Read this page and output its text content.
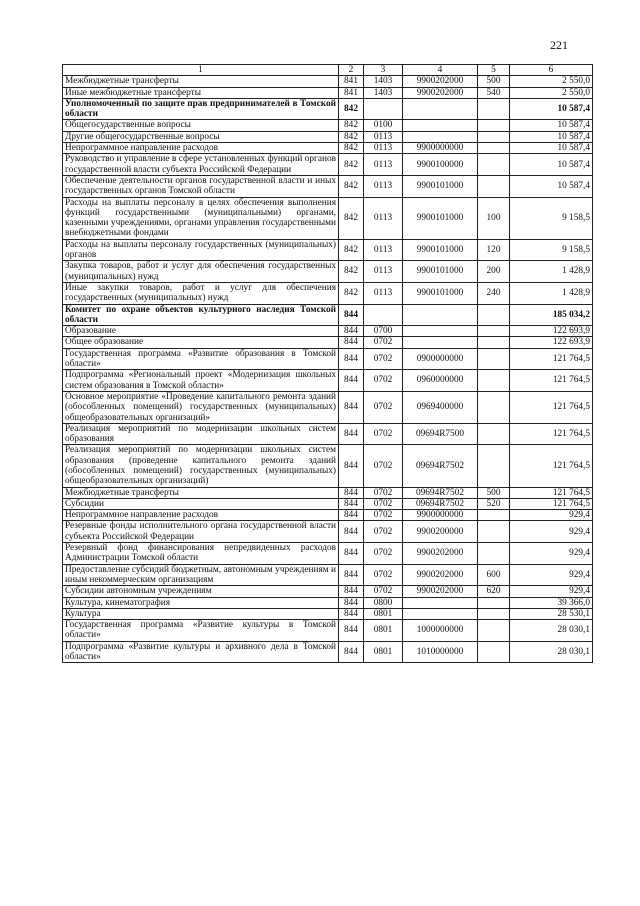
221
1	2	3	4	5	6
Межбюджетные трансферты	841	1403	9900202000	500	2 550,0
Иные межбюджетные трансферты	841	1403	9900202000	540	2 550,0
Уполномоченный по защите прав предпринимателей в Томской области	842				10 587,4
Общегосударственные вопросы	842	0100			10 587,4
Другие общегосударственные вопросы	842	0113			10 587,4
Непрограммное направление расходов	842	0113	9900000000		10 587,4
Руководство и управление в сфере установленных функций органов государственной власти субъекта Российской Федерации	842	0113	9900100000		10 587,4
Обеспечение деятельности органов государственной власти и иных государственных органов Томской области	842	0113	9900101000		10 587,4
Расходы на выплаты персоналу в целях обеспечения выполнения функций государственными (муниципальными) органами, казенными учреждениями, органами управления государственными внебюджетными фондами	842	0113	9900101000	100	9 158,5
Расходы на выплаты персоналу государственных (муниципальных) органов	842	0113	9900101000	120	9 158,5
Закупка товаров, работ и услуг для обеспечения государственных (муниципальных) нужд	842	0113	9900101000	200	1 428,9
Иные закупки товаров, работ и услуг для обеспечения государственных (муниципальных) нужд	842	0113	9900101000	240	1 428,9
Комитет по охране объектов культурного наследия Томской области	844				185 034,2
Образование	844	0700			122 693,9
Общее образование	844	0702			122 693,9
Государственная программа «Развитие образования в Томской области»	844	0702	0900000000		121 764,5
Подпрограмма «Региональный проект «Модернизация школьных систем образования в Томской области»	844	0702	0960000000		121 764,5
Основное мероприятие «Проведение капитального ремонта зданий (обособленных помещений) государственных (муниципальных) общеобразовательных организаций»	844	0702	0969400000		121 764,5
Реализация мероприятий по модернизации школьных систем образования	844	0702	09694R7500		121 764,5
Реализация мероприятий по модернизации школьных систем образования (проведение капитального ремонта зданий (обособленных помещений) государственных (муниципальных) общеобразовательных организаций)	844	0702	09694R7502		121 764,5
Межбюджетные трансферты	844	0702	09694R7502	500	121 764,5
Субсидии	844	0702	09694R7502	520	121 764,5
Непрограммное направление расходов	844	0702	9900000000		929,4
Резервные фонды исполнительного органа государственной власти субъекта Российской Федерации	844	0702	9900200000		929,4
Резервный фонд финансирования непредвиденных расходов Администрации Томской области	844	0702	9900202000		929,4
Предоставление субсидий бюджетным, автономным учреждениям и иным некоммерческим организациям	844	0702	9900202000	600	929,4
Субсидии автономным учреждениям	844	0702	9900202000	620	929,4
Культура, кинематография	844	0800			39 366,0
Культура	844	0801			28 530,1
Государственная программа «Развитие культуры в Томской области»	844	0801	1000000000		28 030,1
Подпрограмма «Развитие культуры и архивного дела в Томской области»	844	0801	1010000000		28 030,1
